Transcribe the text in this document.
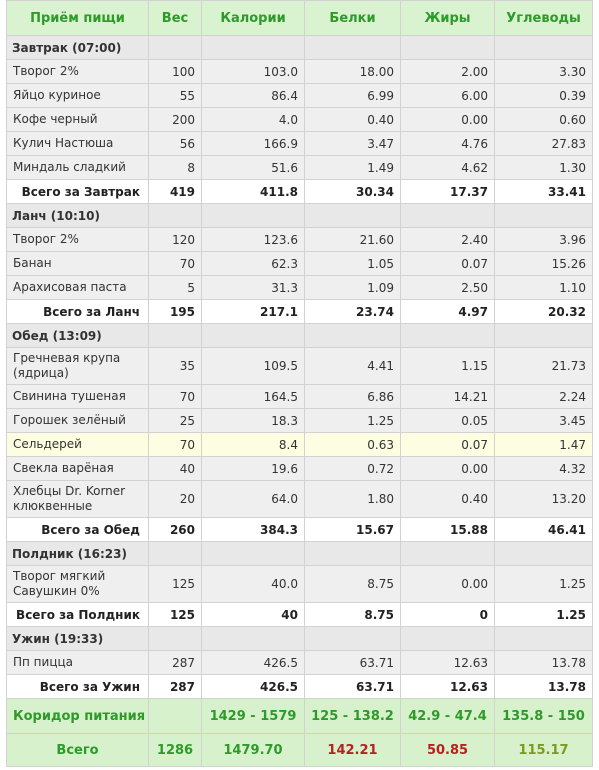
Приём пищи	Вес	Калории	Белки	Жиры	Углеводы
Завтрак (07:00)					
Творог 2%	100	103.0	18.00	2.00	3.30
Яйцо куриное	55	86.4	6.99	6.00	0.39
Кофе черный	200	4.0	0.40	0.00	0.60
Кулич Настюша	56	166.9	3.47	4.76	27.83
Миндаль сладкий	8	51.6	1.49	4.62	1.30
Всего за Завтрак	419	411.8	30.34	17.37	33.41
Ланч (10:10)					
Творог 2%	120	123.6	21.60	2.40	3.96
Банан	70	62.3	1.05	0.07	15.26
Арахисовая паста	5	31.3	1.09	2.50	1.10
Всего за Ланч	195	217.1	23.74	4.97	20.32
Обед (13:09)					
Гречневая крупа (ядрица)	35	109.5	4.41	1.15	21.73
Свинина тушеная	70	164.5	6.86	14.21	2.24
Горошек зелёный	25	18.3	1.25	0.05	3.45
Сельдерей	70	8.4	0.63	0.07	1.47
Свекла варёная	40	19.6	0.72	0.00	4.32
Хлебцы Dr. Korner клюквенные	20	64.0	1.80	0.40	13.20
Всего за Обед	260	384.3	15.67	15.88	46.41
Полдник (16:23)					
Творог мягкий Савушкин 0%	125	40.0	8.75	0.00	1.25
Всего за Полдник	125	40	8.75	0	1.25
Ужин (19:33)					
Пп пицца	287	426.5	63.71	12.63	13.78
Всего за Ужин	287	426.5	63.71	12.63	13.78
Коридор питания		1429 - 1579	125 - 138.2	42.9 - 47.4	135.8 - 150
Всего	1286	1479.70	142.21	50.85	115.17
